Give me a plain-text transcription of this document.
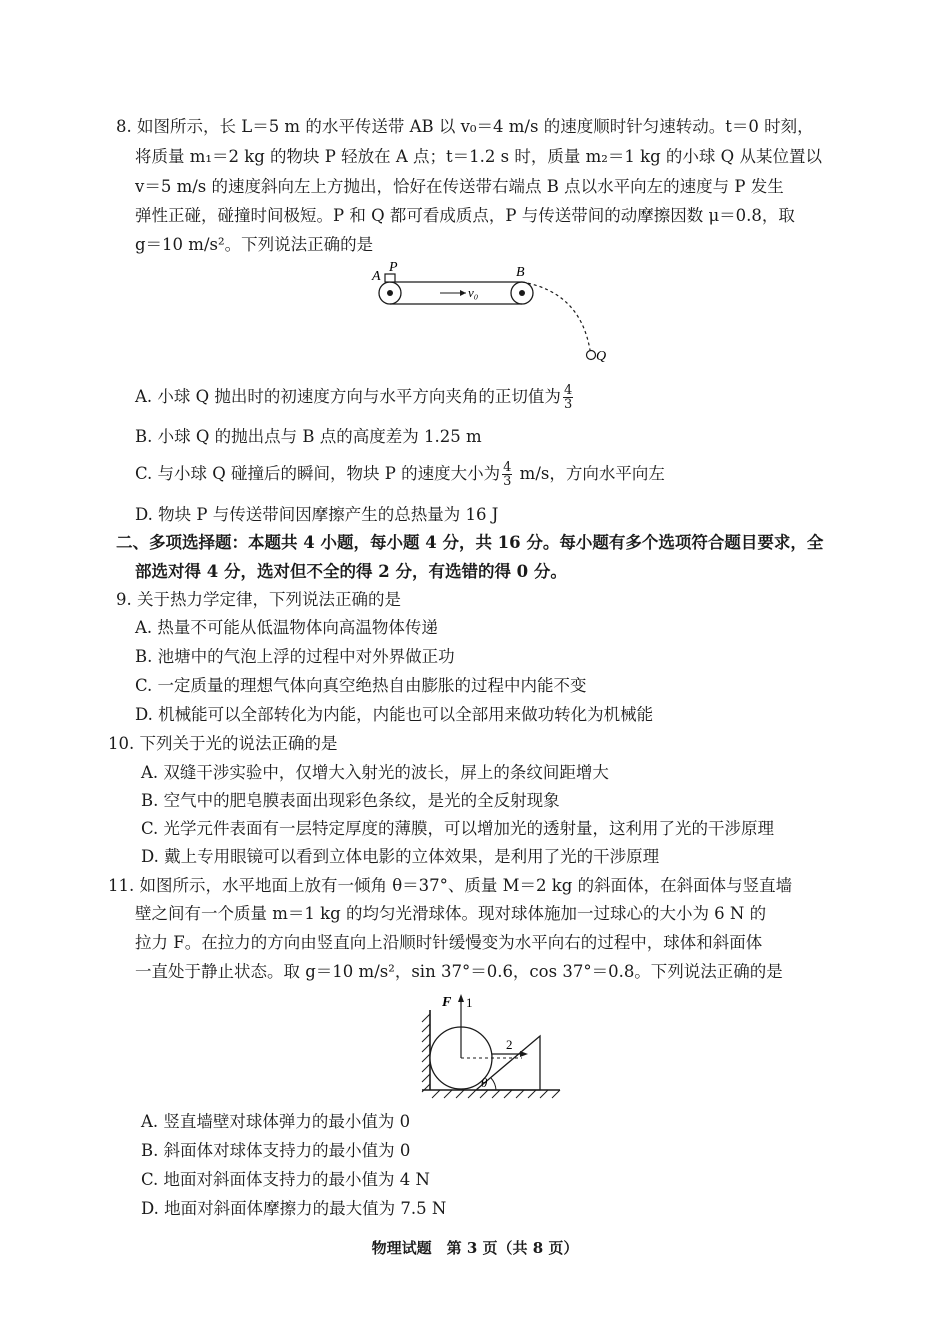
8. 如图所示，长 L＝5 m 的水平传送带 AB 以 v₀＝4 m/s 的速度顺时针匀速转动。t＝0 时刻，
将质量 m₁＝2 kg 的物块 P 轻放在 A 点；t＝1.2 s 时，质量 m₂＝1 kg 的小球 Q 从某位置以
v＝5 m/s 的速度斜向左上方抛出，恰好在传送带右端点 B 点以水平向左的速度与 P 发生
弹性正碰，碰撞时间极短。P 和 Q 都可看成质点，P 与传送带间的动摩擦因数 μ＝0.8，取
g＝10 m/s²。下列说法正确的是
A
P	B
v₀
Q
A. 小球 Q 抛出时的初速度方向与水平方向夹角的正切值为 $\frac{4}{3}$
B. 小球 Q 的抛出点与 B 点的高度差为 1.25 m
C. 与小球 Q 碰撞后的瞬间，物块 P 的速度大小为 $\frac{4}{3} m/s$，方向水平向左
D. 物块 P 与传送带间因摩擦产生的总热量为 16 J
二、多项选择题：本题共 4 小题，每小题 4 分，共 16 分。每小题有多个选项符合题目要求，全
部选对得 4 分，选对但不全的得 2 分，有选错的得 0 分。
9. 关于热力学定律，下列说法正确的是
A. 热量不可能从低温物体向高温物体传递
B. 池塘中的气泡上浮的过程中对外界做正功
C. 一定质量的理想气体向真空绝热自由膨胀的过程中内能不变
D. 机械能可以全部转化为内能，内能也可以全部用来做功转化为机械能
10. 下列关于光的说法正确的是
A. 双缝干涉实验中，仅增大入射光的波长，屏上的条纹间距增大
B. 空气中的肥皂膜表面出现彩色条纹，是光的全反射现象
C. 光学元件表面有一层特定厚度的薄膜，可以增加光的透射量，这利用了光的干涉原理
D. 戴上专用眼镜可以看到立体电影的立体效果，是利用了光的干涉原理
11. 如图所示，水平地面上放有一倾角 θ＝37°、质量 M＝2 kg 的斜面体，在斜面体与竖直墙
壁之间有一个质量 m＝1 kg 的均匀光滑球体。现对球体施加一过球心的大小为 6 N 的
拉力 F。在拉力的方向由竖直向上沿顺时针缓慢变为水平向右的过程中，球体和斜面体
一直处于静止状态。取 g＝10 m/s²，sin 37°＝0.6，cos 37°＝0.8。下列说法正确的是
F 1
2
θ
A. 竖直墙壁对球体弹力的最小值为 0
B. 斜面体对球体支持力的最小值为 0
C. 地面对斜面体支持力的最小值为 4 N
D. 地面对斜面体摩擦力的最大值为 7.5 N
物理试题　第 3 页（共 8 页）
